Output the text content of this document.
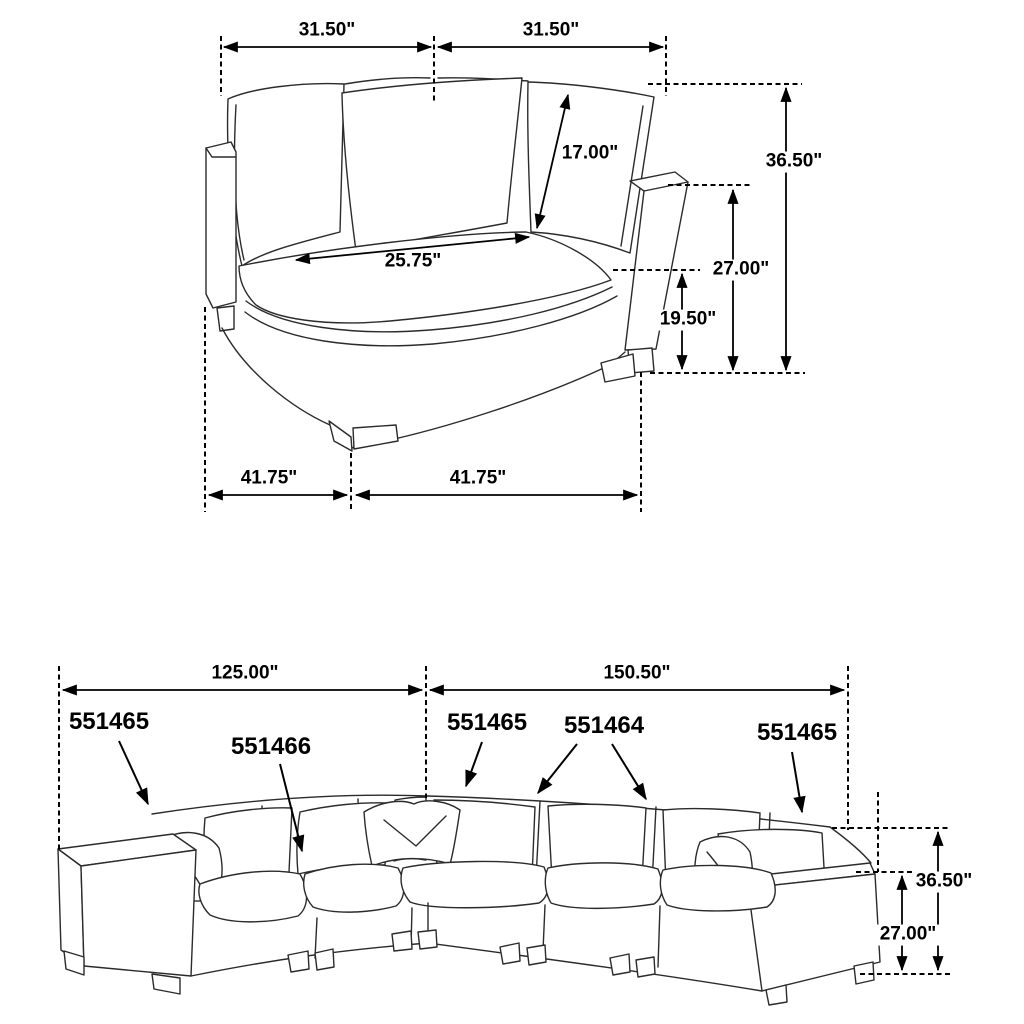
31.50"	31.50"
17.00"	36.50"
27.00"
19.50"
25.75"
41.75"	41.75"
125.00"	150.50"
36.50"
27.00"
551465
551466
551465 551464	551465
